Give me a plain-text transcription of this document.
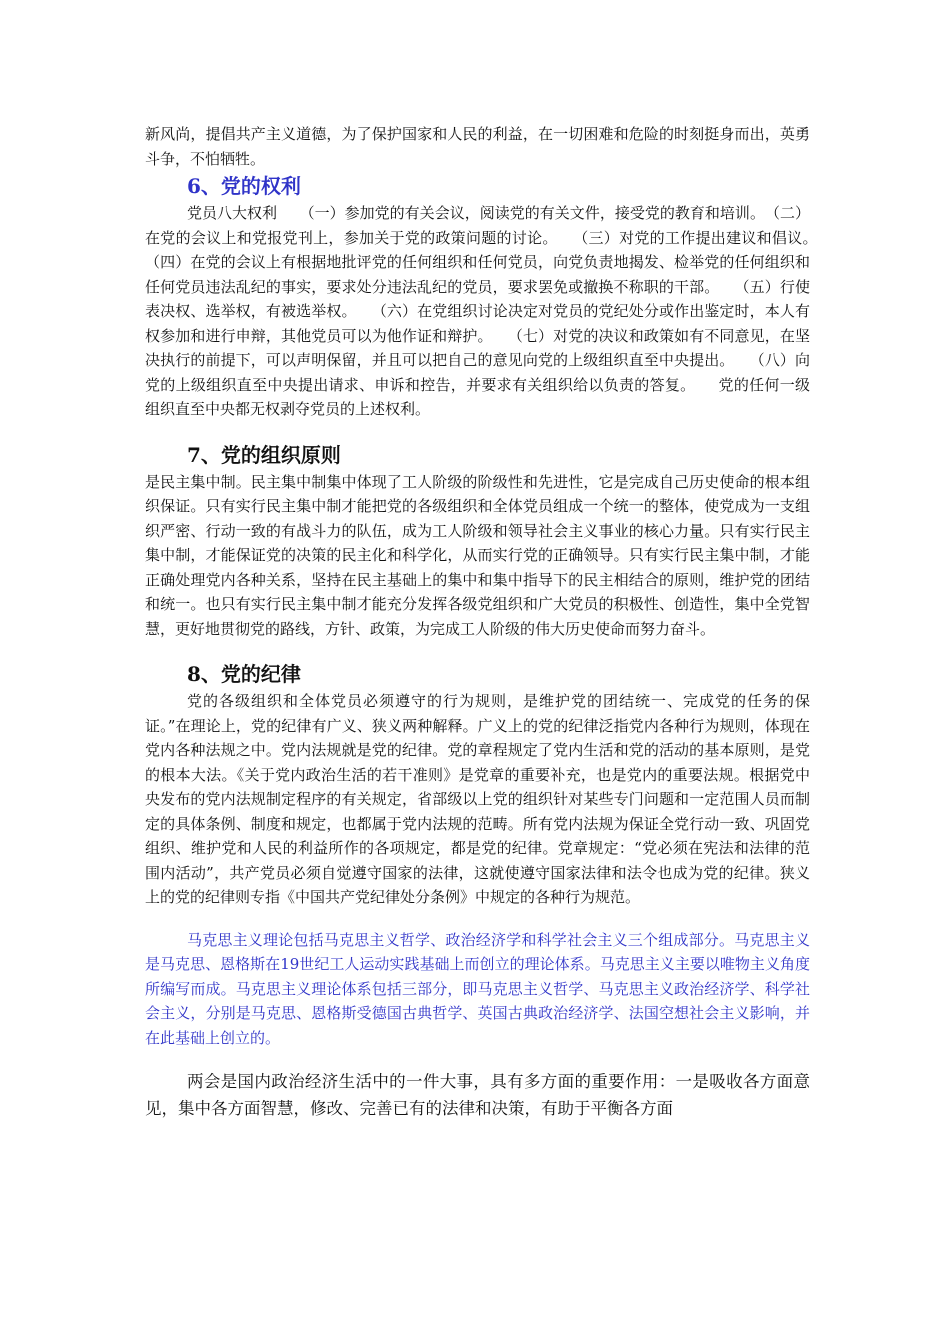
新风尚，提倡共产主义道德，为了保护国家和人民的利益，在一切困难和危险的时刻挺身而出，英勇斗争，不怕牺牲。

6、党的权利

党员八大权利　　（一）参加党的有关会议，阅读党的有关文件，接受党的教育和培训。　（二）在党的会议上和党报党刊上，参加关于党的政策问题的讨论。　　（三）对党的工作提出建议和倡议。　　（四）在党的会议上有根据地批评党的任何组织和任何党员，向党负责地揭发、检举党的任何组织和任何党员违法乱纪的事实，要求处分违法乱纪的党员，要求罢免或撤换不称职的干部。　　（五）行使表决权、选举权，有被选举权。　　（六）在党组织讨论决定对党员的党纪处分或作出鉴定时，本人有权参加和进行申辩，其他党员可以为他作证和辩护。　　（七）对党的决议和政策如有不同意见，在坚决执行的前提下，可以声明保留，并且可以把自己的意见向党的上级组织直至中央提出。　　（八）向党的上级组织直至中央提出请求、申诉和控告，并要求有关组织给以负责的答复。　　党的任何一级组织直至中央都无权剥夺党员的上述权利。

7、党的组织原则

是民主集中制。民主集中制集中体现了工人阶级的阶级性和先进性，它是完成自己历史使命的根本组织保证。只有实行民主集中制才能把党的各级组织和全体党员组成一个统一的整体，使党成为一支组织严密、行动一致的有战斗力的队伍，成为工人阶级和领导社会主义事业的核心力量。只有实行民主集中制，才能保证党的决策的民主化和科学化，从而实行党的正确领导。只有实行民主集中制，才能正确处理党内各种关系，坚持在民主基础上的集中和集中指导下的民主相结合的原则，维护党的团结和统一。也只有实行民主集中制才能充分发挥各级党组织和广大党员的积极性、创造性，集中全党智慧，更好地贯彻党的路线，方针、政策，为完成工人阶级的伟大历史使命而努力奋斗。

8、党的纪律

党的各级组织和全体党员必须遵守的行为规则，是维护党的团结统一、完成党的任务的保证。”在理论上，党的纪律有广义、狭义两种解释。广义上的党的纪律泛指党内各种行为规则，体现在党内各种法规之中。党内法规就是党的纪律。党的章程规定了党内生活和党的活动的基本原则，是党的根本大法。《关于党内政治生活的若干准则》是党章的重要补充，也是党内的重要法规。根据党中央发布的党内法规制定程序的有关规定，省部级以上党的组织针对某些专门问题和一定范围人员而制定的具体条例、制度和规定，也都属于党内法规的范畴。所有党内法规为保证全党行动一致、巩固党组织、维护党和人民的利益所作的各项规定，都是党的纪律。党章规定：“党必须在宪法和法律的范围内活动”，共产党员必须自觉遵守国家的法律，这就使遵守国家法律和法令也成为党的纪律。狭义上的党的纪律则专指《中国共产党纪律处分条例》中规定的各种行为规范。

马克思主义理论包括马克思主义哲学、政治经济学和科学社会主义三个组成部分。马克思主义是马克思、恩格斯在19世纪工人运动实践基础上而创立的理论体系。马克思主义主要以唯物主义角度所编写而成。马克思主义理论体系包括三部分，即马克思主义哲学、马克思主义政治经济学、科学社会主义，分别是马克思、恩格斯受德国古典哲学、英国古典政治经济学、法国空想社会主义影响，并在此基础上创立的。

两会是国内政治经济生活中的一件大事，具有多方面的重要作用：一是吸收各方面意见，集中各方面智慧，修改、完善已有的法律和决策，有助于平衡各方面
